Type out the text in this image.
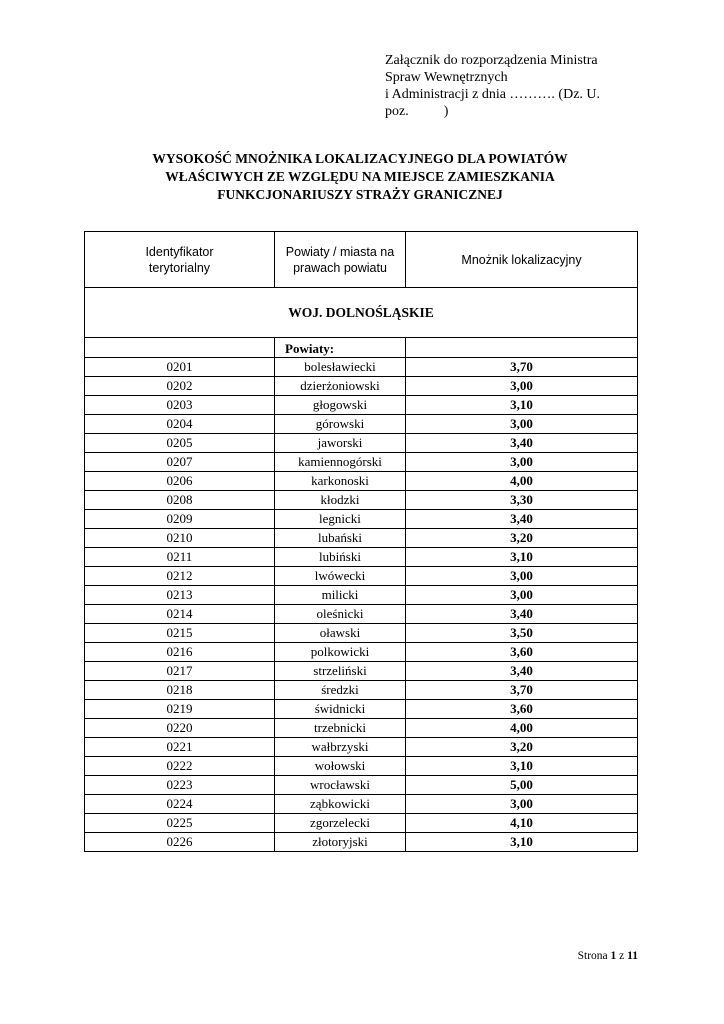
Załącznik do rozporządzenia Ministra
Spraw Wewnętrznych
i Administracji z dnia ………. (Dz. U.
poz.          )
WYSOKOŚĆ MNOŻNIKA LOKALIZACYJNEGO DLA POWIATÓW
WŁAŚCIWYCH ZE WZGLĘDU NA MIEJSCE ZAMIESZKANIA
FUNKCJONARIUSZY STRAŻY GRANICZNEJ
Identyfikator terytorialny	Powiaty / miasta na prawach powiatu	Mnożnik lokalizacyjny
WOJ. DOLNOŚLĄSKIE		

	Powiaty:	
0201	bolesławiecki	3,70
0202	dzierżoniowski	3,00
0203	głogowski	3,10
0204	górowski	3,00
0205	jaworski	3,40
0207	kamiennogórski	3,00
0206	karkonoski	4,00
0208	kłodzki	3,30
0209	legnicki	3,40
0210	lubański	3,20
0211	lubiński	3,10
0212	lwówecki	3,00
0213	milicki	3,00
0214	oleśnicki	3,40
0215	oławski	3,50
0216	polkowicki	3,60
0217	strzeliński	3,40
0218	średzki	3,70
0219	świdnicki	3,60
0220	trzebnicki	4,00
0221	wałbrzyski	3,20
0222	wołowski	3,10
0223	wrocławski	5,00
0224	ząbkowicki	3,00
0225	zgorzelecki	4,10
0226	złotoryjski	3,10
Strona 1 z 11
